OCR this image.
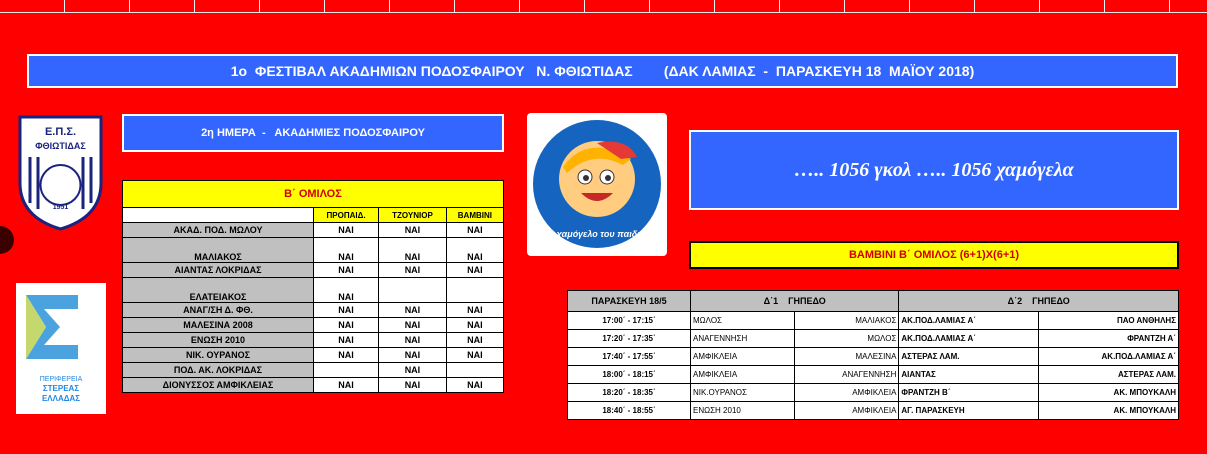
1ο  ΦΕΣΤΙΒΑΛ ΑΚΑΔΗΜΙΩΝ ΠΟΔΟΣΦΑΙΡΟΥ   Ν. ΦΘΙΩΤΙΔΑΣ        (ΔΑΚ ΛΑΜΙΑΣ  -  ΠΑΡΑΣΚΕΥΗ 18  ΜΑΪΟΥ 2018)
2η ΗΜΕΡΑ  -   ΑΚΑΔΗΜΙΕΣ ΠΟΔΟΣΦΑΙΡΟΥ
….. 1056 γκολ ….. 1056 χαμόγελα
Ε.Π.Σ.
ΦΘΙΩΤΙΔΑΣ
1951
Το χαμόγελο του παιδιού
ΠΕΡΙΦΕΡΕΙΑ
ΣΤΕΡΕΑΣ
ΕΛΛΑΔΑΣ
Β΄ ΟΜΙΛΟΣ			
	ΠΡΟΠΑΙΔ.	ΤΖΟΥΝΙΟΡ	ΒΑΜΒΙΝΙ
ΑΚΑΔ. ΠΟΔ. ΜΩΛΟΥ	ΝΑΙ	ΝΑΙ	ΝΑΙ
ΜΑΛΙΑΚΟΣ	ΝΑΙ	ΝΑΙ	ΝΑΙ
ΑΙΑΝΤΑΣ ΛΟΚΡΙΔΑΣ	ΝΑΙ	ΝΑΙ	ΝΑΙ
ΕΛΑΤΕΙΑΚΟΣ	ΝΑΙ		
ΑΝΑΓ/ΣΗ Δ. ΦΘ.	ΝΑΙ	ΝΑΙ	ΝΑΙ
ΜΑΛΕΣΙΝΑ 2008	ΝΑΙ	ΝΑΙ	ΝΑΙ
ΕΝΩΣΗ 2010	ΝΑΙ	ΝΑΙ	ΝΑΙ
ΝΙΚ. ΟΥΡΑΝΟΣ	ΝΑΙ	ΝΑΙ	ΝΑΙ
ΠΟΔ. ΑΚ. ΛΟΚΡΙΔΑΣ		ΝΑΙ	
ΔΙΟΝΥΣΣΟΣ ΑΜΦΙΚΛΕΙΑΣ	ΝΑΙ	ΝΑΙ	ΝΑΙ
ΒΑΜΒΙΝΙ Β΄ ΟΜΙΛΟΣ (6+1)Χ(6+1)
ΠΑΡΑΣΚΕΥΗ 18/5	Δ΄1    ΓΗΠΕΔΟ		Δ΄2    ΓΗΠΕΔΟ	
17:00΄ - 17:15΄	ΜΩΛΟΣ	ΜΑΛΙΑΚΟΣ	ΑΚ.ΠΟΔ.ΛΑΜΙΑΣ Α΄	ΠΑΟ ΑΝΘΗΛΗΣ
17:20΄ - 17:35΄	ΑΝΑΓΕΝΝΗΣΗ	ΜΩΛΟΣ	ΑΚ.ΠΟΔ.ΛΑΜΙΑΣ Α΄	ΦΡΑΝΤΖΗ Α΄
17:40΄ - 17:55΄	ΑΜΦΙΚΛΕΙΑ	ΜΑΛΕΣΙΝΑ	ΑΣΤΕΡΑΣ ΛΑΜ.	ΑΚ.ΠΟΔ.ΛΑΜΙΑΣ Α΄
18:00΄ - 18:15΄	ΑΜΦΙΚΛΕΙΑ	ΑΝΑΓΕΝΝΗΣΗ	ΑΙΑΝΤΑΣ	ΑΣΤΕΡΑΣ ΛΑΜ.
18:20΄ - 18:35΄	ΝΙΚ.ΟΥΡΑΝΟΣ	ΑΜΦΙΚΛΕΙΑ	ΦΡΑΝΤΖΗ Β΄	ΑΚ. ΜΠΟΥΚΑΛΗ
18:40΄ - 18:55΄	ΕΝΩΣΗ 2010	ΑΜΦΙΚΛΕΙΑ	ΑΓ. ΠΑΡΑΣΚΕΥΗ	ΑΚ. ΜΠΟΥΚΑΛΗ
